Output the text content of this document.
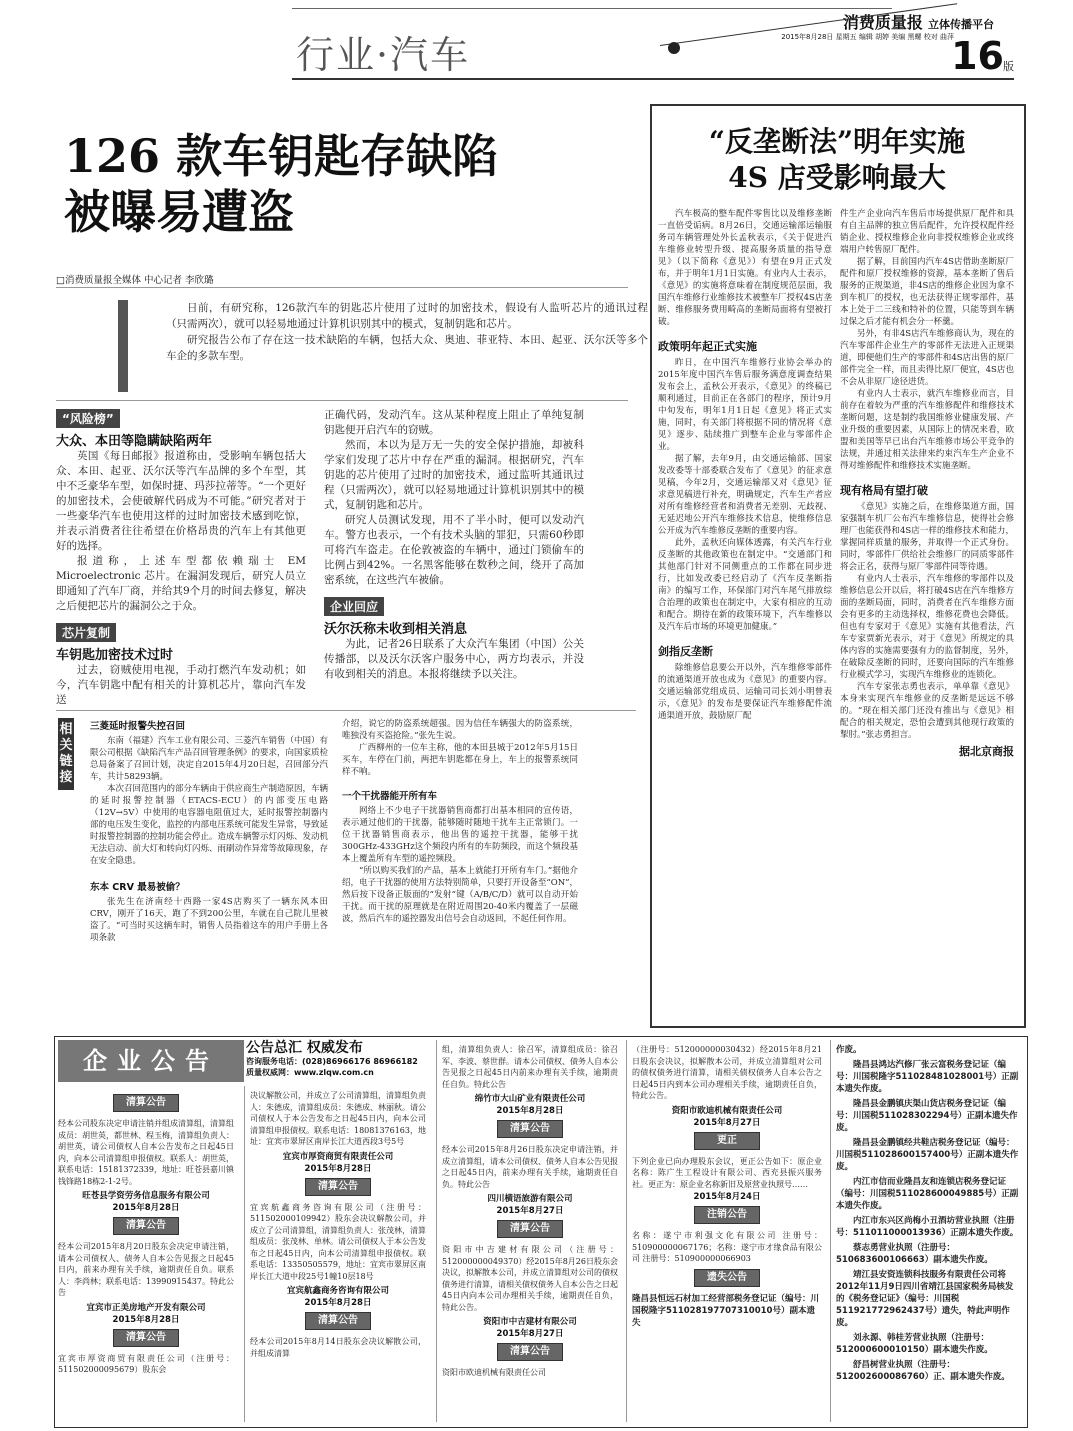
行业·汽车
消费质量报 立体传播平台
2015年8月28日 星期五 编辑 胡婷 美编 黑螺 校对 曲萍
16 版
126 款车钥匙存缺陷
被曝易遭盗
□消费质量报全媒体 中心记者 李欣璐

日前，有研究称，126款汽车的钥匙芯片使用了过时的加密技术，假设有人监听芯片的通讯过程（只需两次），就可以轻易地通过计算机识别其中的模式，复制钥匙和芯片。

研究报告公布了存在这一技术缺陷的车辆，包括大众、奥迪、菲亚特、本田、起亚、沃尔沃等多个车企的多款车型。

“风险榜”
大众、本田等隐瞒缺陷两年

英国《每日邮报》报道称由，受影响车辆包括大众、本田、起亚、沃尔沃等汽车品牌的多个车型，其中不乏豪华车型，如保时捷、玛莎拉蒂等。“一个更好的加密技术，会使破解代码成为不可能。”研究者对于一些豪华汽车也使用这样的过时加密技术感到吃惊，并表示消费者往往希望在价格昂贵的汽车上有其他更好的选择。

报道称，上述车型都依赖瑞士 EM Microelectronic 芯片。在漏洞发现后，研究人员立即通知了汽车厂商，并给其9个月的时间去修复，解决之后便把芯片的漏洞公之于众。

芯片复制
车钥匙加密技术过时

过去，窃贼使用电视，手动打燃汽车发动机；如今，汽车钥匙中配有相关的计算机芯片，靠向汽车发送

正确代码，发动汽车。这从某种程度上阻止了单纯复制钥匙便开启汽车的窃贼。

然而，本以为是万无一失的安全保护措施，却被科学家们发现了芯片中存在严重的漏洞。根据研究，汽车钥匙的芯片使用了过时的加密技术，通过监听其通讯过程（只需两次），就可以轻易地通过计算机识别其中的模式，复制钥匙和芯片。

研究人员测试发现，用不了半小时，便可以发动汽车。警方也表示，一个有技术头脑的罪犯，只需60秒即可将汽车盗走。在伦敦被盗的车辆中，通过门锁偷车的比例占到42%。一名黑客能够在数秒之间，绕开了高加密系统，在这些汽车被偷。

企业回应
沃尔沃称未收到相关消息

为此，记者26日联系了大众汽车集团（中国）公关传播部，以及沃尔沃客户服务中心，两方均表示，并没有收到相关的消息。本报将继续予以关注。

“反垄断法”明年实施
4S 店受影响最大

汽车极高的整车配件零售比以及维修垄断一直倍受诟病。8月26日，交通运输部运输服务司车辆管理处外长孟秋表示，《关于促进汽车维修业转型升级、提高服务质量的指导意见》（以下简称《意见》）有望在9月正式发布，并于明年1月1日实施。有业内人士表示，《意见》的实施将意味着在制度规范层面，我国汽车维修行业维修技术被整车厂授权4S店垄断、维修服务费用畸高的垄断局面将有望被打破。

政策明年起正式实施

昨日，在中国汽车维修行业协会举办的2015年度中国汽车售后服务满意度调查结果发布会上，孟秋公开表示，《意见》的终稿已顺利通过，目前正在各部门的程序，预计9月中旬发布，明年1月1日起《意见》将正式实施，同时，有关部门将根据不同的情况将《意见》逐步、陆续推广到整车企业与零部件企业。

据了解，去年9月，由交通运输部、国家发改委等十部委联合发布了《意见》的征求意见稿，今年2月，交通运输部又对《意见》征求意见稿进行补充，明确规定，汽车生产者应对所有维修经营者和消费者无差别、无歧视、无延迟地公开汽车维修技术信息，使维修信息公开成为汽车维修反垄断的重要内容。

此外，孟秋还向媒体透露，有关汽车行业反垄断的其他政策也在制定中。“交通部门和其他部门针对不同侧重点的工作都在同步进行，比如发改委已经启动了《汽车反垄断指南》的编写工作，环保部门对汽车尾气排放综合治理的政策也在制定中，大家有相应的互动和配合。期待在新的政策环境下，汽车维修以及汽车后市场的环境更加健康。”

剑指反垄断

除维修信息要公开以外，汽车维修零部件的流通渠道开放也成为《意见》的重要内容。交通运输部党组成员、运输司司长刘小明曾表示，《意见》的发布是要保证汽车维修配件流通渠道开放，鼓励原厂配

件生产企业向汽车售后市场提供原厂配件和具有自主品牌的独立售后配件，允许授权配件经销企业、授权维修企业向非授权维修企业或终端用户转售原厂配件。

据了解，目前国内汽车4S店借助垄断原厂配件和原厂授权维修的资源，基本垄断了售后服务的正规渠道，非4S店的维修企业因为拿不到车机厂的授权，也无法获得正规零部件，基本上处于二三线和特补的位置，只能等到车辆过保之后才能有机会分一杯羹。

另外，有非4S店汽车维修商认为，现在的汽车零部件企业生产的零部件无法进入正规渠道，即便他们生产的零部件和4S店出售的原厂部件完全一样，而且卖得比原厂便宜，4S店也不会从非原厂途径进货。

有业内人士表示，就汽车维修业而言，目前存在着较为严重的汽车维修配件和维修技术垄断问题，这是制约我国维修业健康发展、产业升级的重要因素，从国际上的情况来看，欧盟和美国等早已出台汽车维修市场公平竞争的法规，并通过相关法律来约束汽车生产企业不得对维修配件和维修技术实施垄断。

现有格局有望打破

《意见》实施之后，在维修渠道方面，国家强制车机厂公布汽车维修信息，使得社会修理厂也能获得和4S店一样的维修技术和能力，掌握同样质量的服务，并取得一个正式身份。同时，零部件厂供给社会维修厂的同质零部件将会正名，获得与原厂零部件同等待遇。

有业内人士表示，汽车维修的零部件以及维修信息公开以后，将打破4S店在汽车维修方面的垄断局面，同时，消费者在汽车维修方面会有更多的主动选择权，维修花费也会降低。但也有专家对于《意见》实施有其他看法，汽车专家贾新光表示，对于《意见》所规定的具体内容的实施需要强有力的监督制度，另外，在破除反垄断的同时，还要向国际的汽车维修行业模式学习，实现汽车维修业的连锁化。

汽车专家张志勇也表示，单单靠《意见》本身来实现汽车维修业的反垄断是远远不够的。“现在相关部门还没有推出与《意见》相配合的相关规定，恐怕会遭到其他现行政策的掣肘。”张志勇担言。

据北京商报
相关链接
三菱延时报警失控召回

东南（福建）汽车工业有限公司、三菱汽车销售（中国）有限公司根据《缺陷汽车产品召回管理条例》的要求，向国家质检总局备案了召回计划，决定自2015年4月20日起，召回部分汽车，共计58293辆。

本次召回范围内的部分车辆由于供应商生产制造原因，车辆的延时报警控制器（ETACS-ECU）的内部变压电路（12V→5V）中使用的电容器电阻值过大，延时报警控制器内部的电压发生变化，监控的内部电压系统可能发生异常，导致延时报警控制器的控制功能会停止。造成车辆警示灯闪烁、发动机无法启动、前大灯和转向灯闪烁、雨刷动作异常等故障现象，存在安全隐患。

东本 CRV 最易被偷？

张先生在济南经十西路一家4S店购买了一辆东风本田CRV，刚开了16天，跑了不到200公里，车就在自己院儿里被盗了。“可当时买这辆车时，销售人员指着这车的用户手册上各项条款

介绍，说它的防盗系统超强。因为信任车辆强大的防盗系统，唯独没有买盗抢险。”张先生说。

广西柳州的一位车主称，他的本田县城于2012年5月15日买车，车停在门前，两把车钥匙都在身上，车上的报警系统同样不响。

一个干扰器能开所有车

网络上不少电子干扰器销售商都打出基本相同的宣传语，表示通过他们的干扰器，能够随时随地干扰车主正常锁门。一位干扰器销售商表示，他出售的遥控干扰器，能够干扰300GHz-433GHz这个频段内所有的车防频段，而这个频段基本上覆盖所有车型的遥控频段。

“所以购买我们的产品，基本上就能打开所有车门。”据他介绍，电子干扰器的使用方法特别简单，只要打开设备至“ON”，然后按下设备正版面的“发射”键（A/B/C/D）就可以自动开始干扰。而干扰的原理就是在附近周围20-40米内覆盖了一层磁波，然后汽车的遥控器发出信号会自动返回，不起任何作用。

企业公告	公告总汇 权威发布
咨询服务电话：(028)86966176 86966182
质量权威网：www.zlqw.com.cn
清算公告
经本公司股东决定申请注销并组成清算组，清算组成员：胡世英，都世林、程玉梅，清算组负责人：胡世英，请公司债权人自本公告发布之日起45日内，向本公司清算组申报债权。联系人：胡世英，联系电话：15181372339，地址：旺苍县嘉川镇钱锋路18栋2-1-2号。
旺苍县学资劳务信息服务有限公司
2015年8月28日
清算公告
经本公司2015年8月20日股东会决定申请注销，请本公司债权人、债务人自本公告见报之日起45日内，前来办理有关手续，逾期责任自负。联系人：李尚林；联系电话：13990915437。特此公告
宜宾市正美房地产开发有限公司
2015年8月28日
清算公告
宜宾市厚资商贸有限责任公司（注册号：511502000095679）股东会
决议解散公司，并成立了公司清算组，清算组负责人：朱德成，清算组成员：朱德成、林丽秋。请公司债权人于本公告发布之日起45日内，向本公司清算组申报债权。联系电话：18081376163，地址：宜宾市翠屏区南岸长江大道西段3号5号
宜宾市厚资商贸有限责任公司
2015年8月28日
清算公告
宜宾航鑫商务咨询有限公司（注册号：511502000109942）股东会决议解散公司，并成立了公司清算组，清算组负责人：张茂林，清算组成员：张茂林、单林。请公司债权人于本公告发布之日起45日内，向本公司清算组申报债权。联系电话：13350505579，地址：宜宾市翠屏区南岸长江大道中段25号1幢10层18号
宜宾航鑫商务咨询有限公司
2015年8月28日
清算公告
经本公司2015年8月14日股东会决议解散公司，并组成清算
组，清算组负责人：徐召军，清算组成员：徐召军、李波、蔡世群。请本公司债权、债务人自本公告见报之日起45日内前来办理有关手续，逾期责任自负。特此公告
绵竹市大山矿业有限责任公司
2015年8月28日
清算公告
经本公司2015年8月26日股东决定申请注销，并成立清算组，请本公司债权、债务人自本公告见报之日起45日内，前来办理有关手续，逾期责任自负。特此公告
四川横语旅游有限公司
2015年8月27日
清算公告
资阳市中吉建材有限公司（注册号：512000000049370）经2015年8月26日股东会决议，拟解散本公司，并成立清算组对公司的债权债务进行清算，请相关债权债务人自本公告之日起45日内向本公司办理相关手续，逾期责任自负，特此公告。
资阳市中吉建材有限公司
2015年8月27日
清算公告
资阳市欧迪机械有限责任公司
（注册号：512000000030432）经2015年8月21日股东会决议，拟解散本公司，并成立清算组对公司的债权债务进行清算，请相关债权债务人自本公告之日起45日内到本公司办理相关手续，逾期责任自负，特此公告。
资阳市欧迪机械有限责任公司
2015年8月27日
更正
下列企业已向办理股东会议，更正公告如下：原企业名称：陈广生工程设计有限公司、西充县振兴服务社。更正为：原企业名称新旧及原营业执照号……
2015年8月24日
注销公告
名称：遂宁市利强文化有限公司 注册号：510900000067176；名称：遂宁市才缘食品有限公司 注册号：510900000066903
遗失公告
隆昌县恒远石材加工经营部税务登记证（编号：川国税隆字511028197707310010号）副本遗失

作废。

隆昌县鸿达汽修厂张云富税务登记证（编号：川国税隆字511028481028001号）正副本遗失作废。

隆昌县金鹏镇庆渠山货店税务登记证（编号：川国税511028302294号）正副本遗失作废。

隆昌县金鹏镇经共鞋店税务登记证（编号：川国税511028600157400号）正副本遗失作废。

内江市信而业隆昌友和连锁店税务登记证（编号：川国税511028600049885号）正副本遗失作废。

内江市东兴区尚梅小丑酒坊营业执照（注册号：511011000013936）正副本遗失作废。

蔡志勇营业执照（注册号：510683600106663）副本遗失作废。

靖江县安资连锁科技服务有限责任公司将2012年11月9日四川省靖江县国家税务局核发的《税务登记证》（编号：川国税511921772962437号）遗失，特此声明作废。

刘永源、韩桂芳营业执照（注册号：512000600010150）副本遗失作废。

舒昌树营业执照（注册号：512002600086760）正、副本遗失作废。
